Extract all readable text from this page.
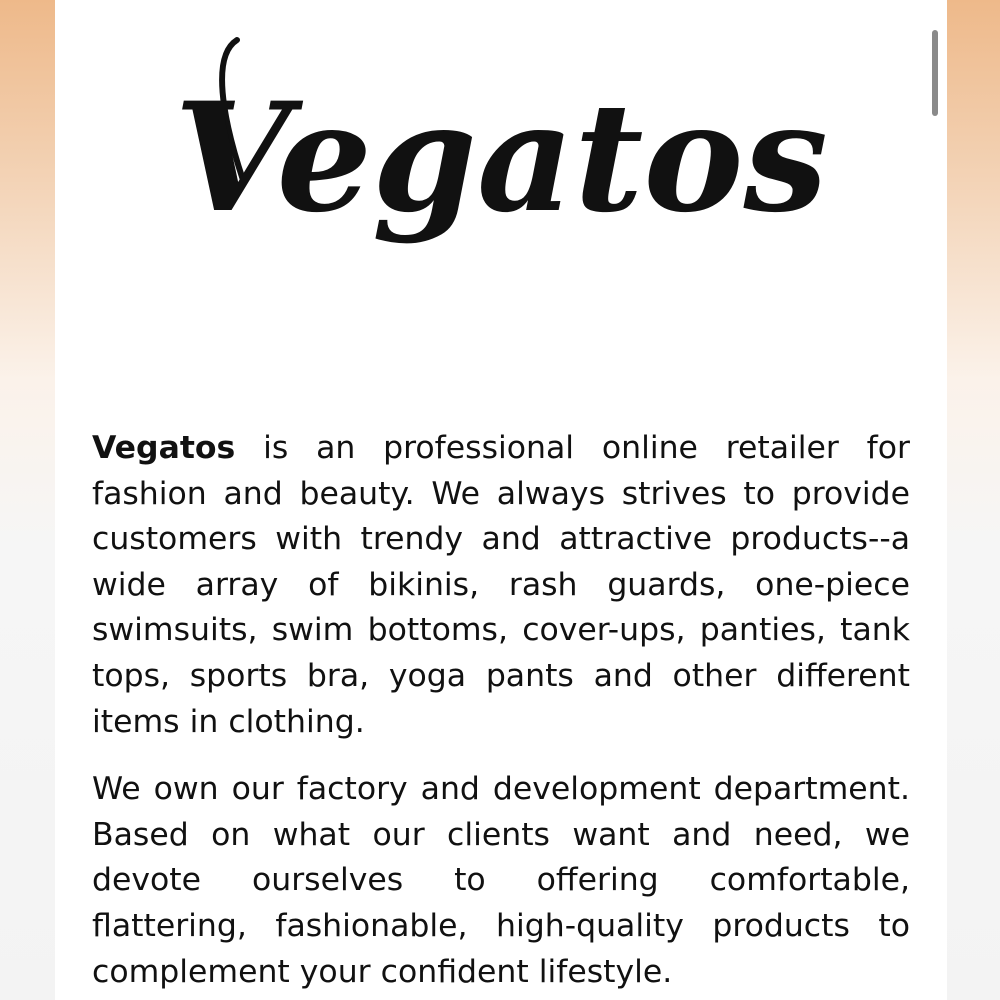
Vegatos

Vegatos is an professional online retailer for fashion and beauty. We always strives to provide customers with trendy and attractive products--a wide array of bikinis, rash guards, one-piece swimsuits, swim bottoms, cover-ups, panties, tank tops, sports bra, yoga pants and other different items in clothing.

We own our factory and development department. Based on what our clients want and need, we devote ourselves to offering comfortable, flattering, fashionable, high-quality products to complement your confident lifestyle.
